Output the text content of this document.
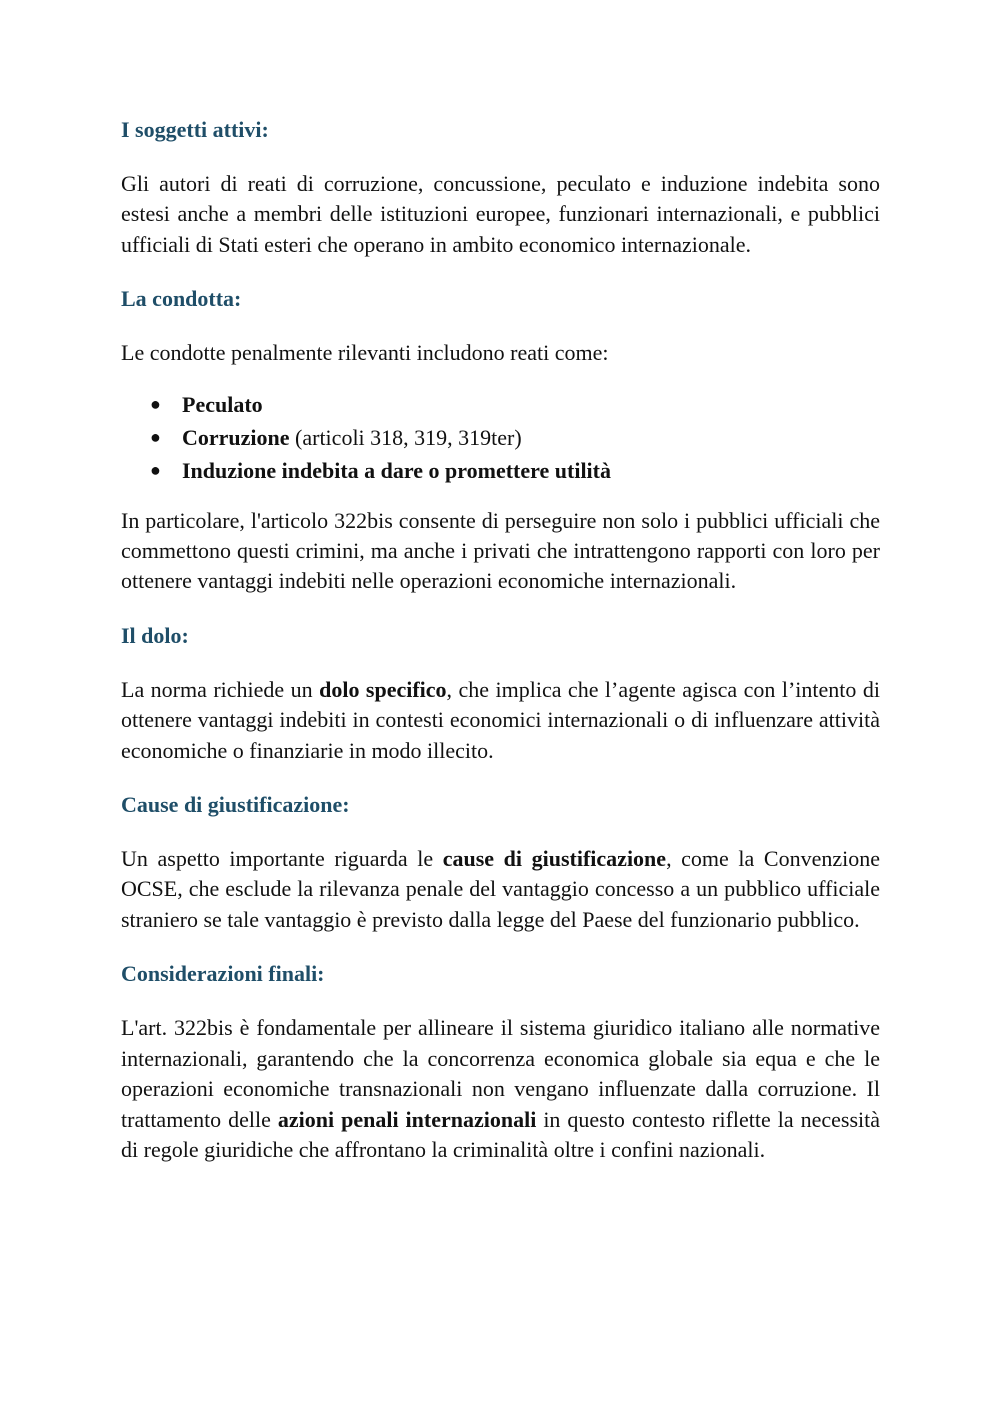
I soggetti attivi:

Gli autori di reati di corruzione, concussione, peculato e induzione indebita sono estesi anche a membri delle istituzioni europee, funzionari internazionali, e pubblici ufficiali di Stati esteri che operano in ambito economico internazionale.

La condotta:

Le condotte penalmente rilevanti includono reati come:

● Peculato
● Corruzione (articoli 318, 319, 319ter)
● Induzione indebita a dare o promettere utilità

In particolare, l'articolo 322bis consente di perseguire non solo i pubblici ufficiali che commettono questi crimini, ma anche i privati che intrattengono rapporti con loro per ottenere vantaggi indebiti nelle operazioni economiche internazionali.

Il dolo:

La norma richiede un dolo specifico, che implica che l’agente agisca con l’intento di ottenere vantaggi indebiti in contesti economici internazionali o di influenzare attività economiche o finanziarie in modo illecito.

Cause di giustificazione:

Un aspetto importante riguarda le cause di giustificazione, come la Convenzione OCSE, che esclude la rilevanza penale del vantaggio concesso a un pubblico ufficiale straniero se tale vantaggio è previsto dalla legge del Paese del funzionario pubblico.

Considerazioni finali:

L'art. 322bis è fondamentale per allineare il sistema giuridico italiano alle normative internazionali, garantendo che la concorrenza economica globale sia equa e che le operazioni economiche transnazionali non vengano influenzate dalla corruzione. Il trattamento delle azioni penali internazionali in questo contesto riflette la necessità di regole giuridiche che affrontano la criminalità oltre i confini nazionali.
